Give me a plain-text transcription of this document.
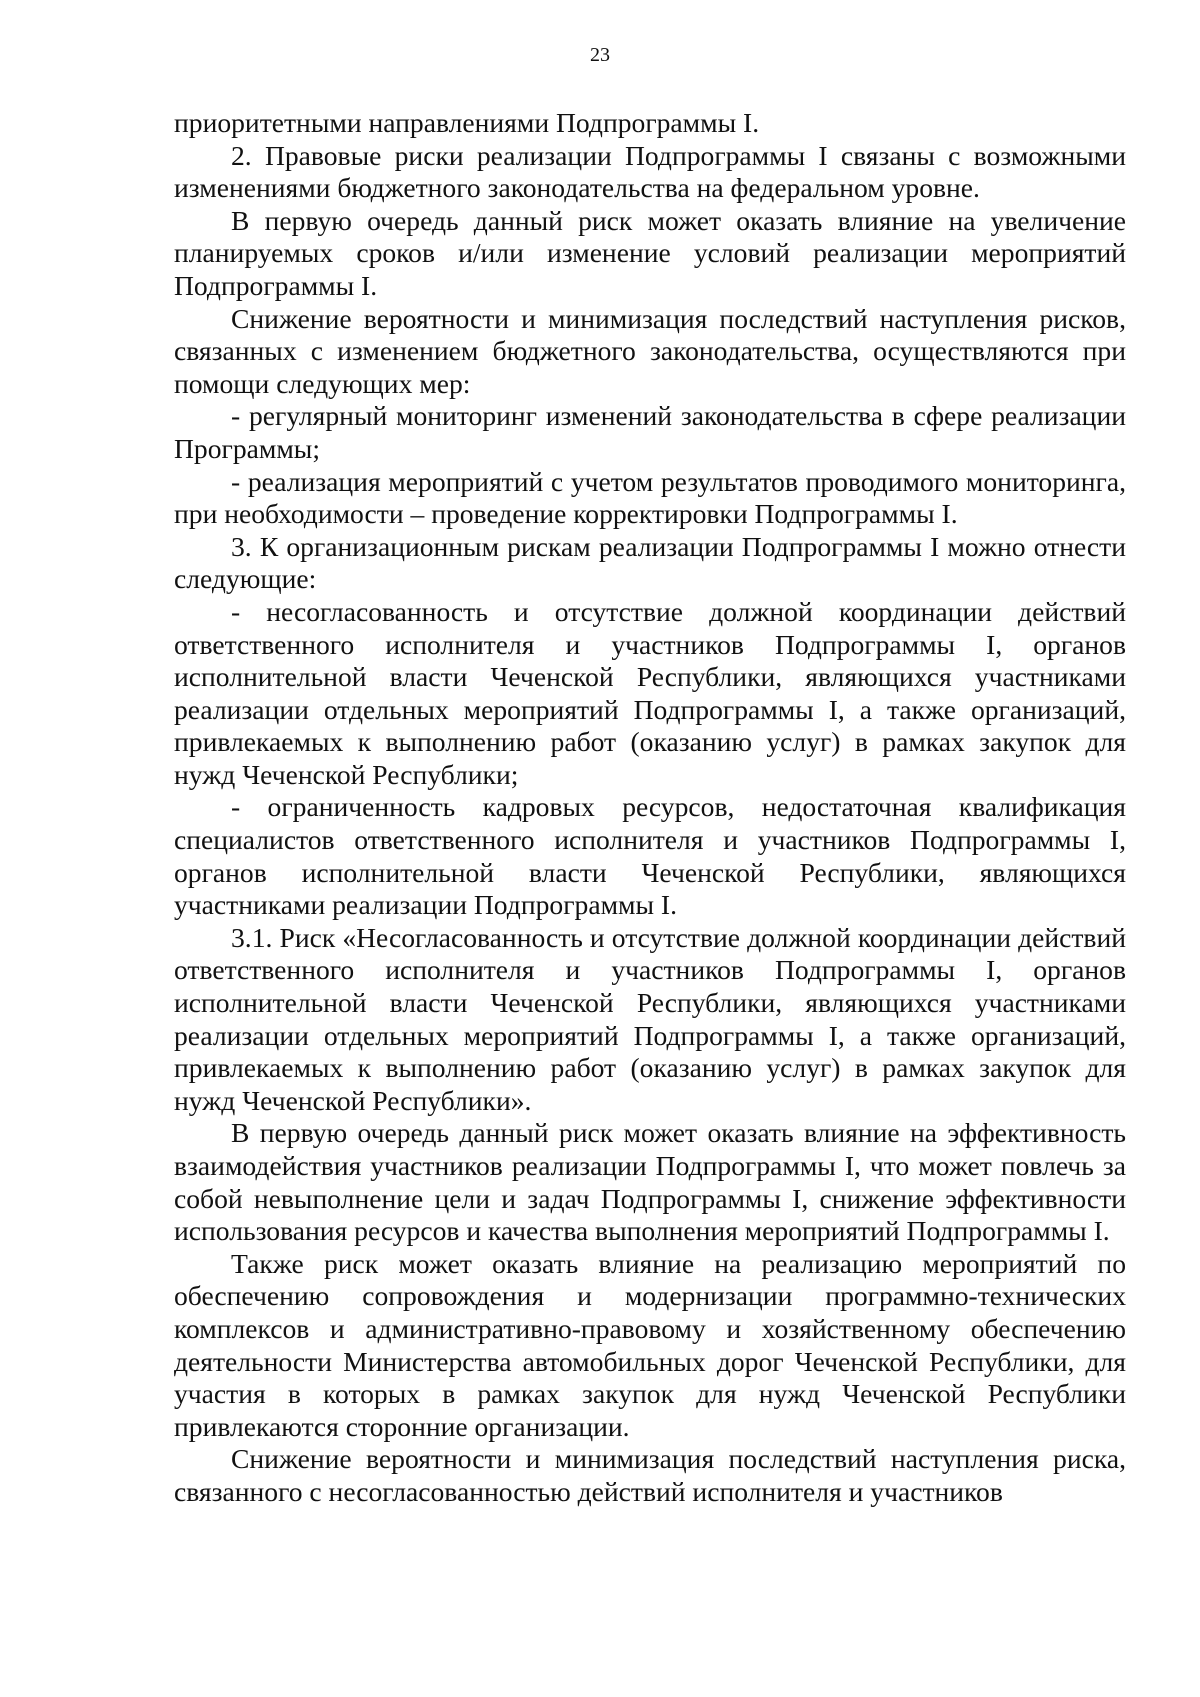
23

приоритетными направлениями Подпрограммы I.

2. Правовые риски реализации Подпрограммы I связаны с возможными изменениями бюджетного законодательства на федеральном уровне.

В первую очередь данный риск может оказать влияние на увеличение планируемых сроков и/или изменение условий реализации мероприятий Подпрограммы I.

Снижение вероятности и минимизация последствий наступления рисков, связанных с изменением бюджетного законодательства, осуществляются при помощи следующих мер:

- регулярный мониторинг изменений законодательства в сфере реализации Программы;

- реализация мероприятий с учетом результатов проводимого мониторинга, при необходимости – проведение корректировки Подпрограммы I.

3. К организационным рискам реализации Подпрограммы I можно отнести следующие:

- несогласованность и отсутствие должной координации действий ответственного исполнителя и участников Подпрограммы I, органов исполнительной власти Чеченской Республики, являющихся участниками реализации отдельных мероприятий Подпрограммы I, а также организаций, привлекаемых к выполнению работ (оказанию услуг) в рамках закупок для нужд Чеченской Республики;

- ограниченность кадровых ресурсов, недостаточная квалификация специалистов ответственного исполнителя и участников Подпрограммы I, органов исполнительной власти Чеченской Республики, являющихся участниками реализации Подпрограммы I.

3.1. Риск «Несогласованность и отсутствие должной координации действий ответственного исполнителя и участников Подпрограммы I, органов исполнительной власти Чеченской Республики, являющихся участниками реализации отдельных мероприятий Подпрограммы I, а также организаций, привлекаемых к выполнению работ (оказанию услуг) в рамках закупок для нужд Чеченской Республики».

В первую очередь данный риск может оказать влияние на эффективность взаимодействия участников реализации Подпрограммы I, что может повлечь за собой невыполнение цели и задач Подпрограммы I, снижение эффективности использования ресурсов и качества выполнения мероприятий Подпрограммы I.

Также риск может оказать влияние на реализацию мероприятий по обеспечению сопровождения и модернизации программно-технических комплексов и административно-правовому и хозяйственному обеспечению деятельности Министерства автомобильных дорог Чеченской Республики, для участия в которых в рамках закупок для нужд Чеченской Республики привлекаются сторонние организации.

Снижение вероятности и минимизация последствий наступления риска, связанного с несогласованностью действий исполнителя и участников
